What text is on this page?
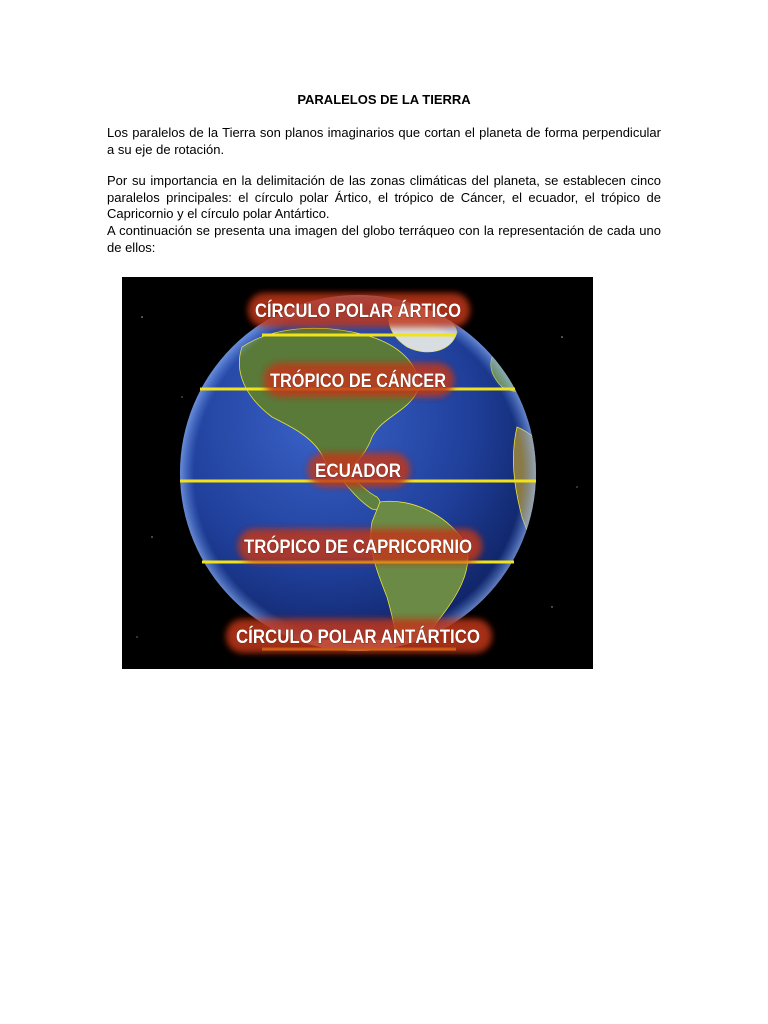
PARALELOS DE LA TIERRA

Los paralelos de la Tierra son planos imaginarios que cortan el planeta de forma perpendicular a su eje de rotación.

Por su importancia en la delimitación de las zonas climáticas del planeta, se establecen cinco paralelos principales: el círculo polar Ártico, el trópico de Cáncer, el ecuador, el trópico de Capricornio y el círculo polar Antártico.

A continuación se presenta una imagen del globo terráqueo con la representación de cada uno de ellos:

CÍRCULO POLAR ÁRTICO
TRÓPICO DE CÁNCER
ECUADOR
TRÓPICO DE CAPRICORNIO
CÍRCULO POLAR ANTÁRTICO
